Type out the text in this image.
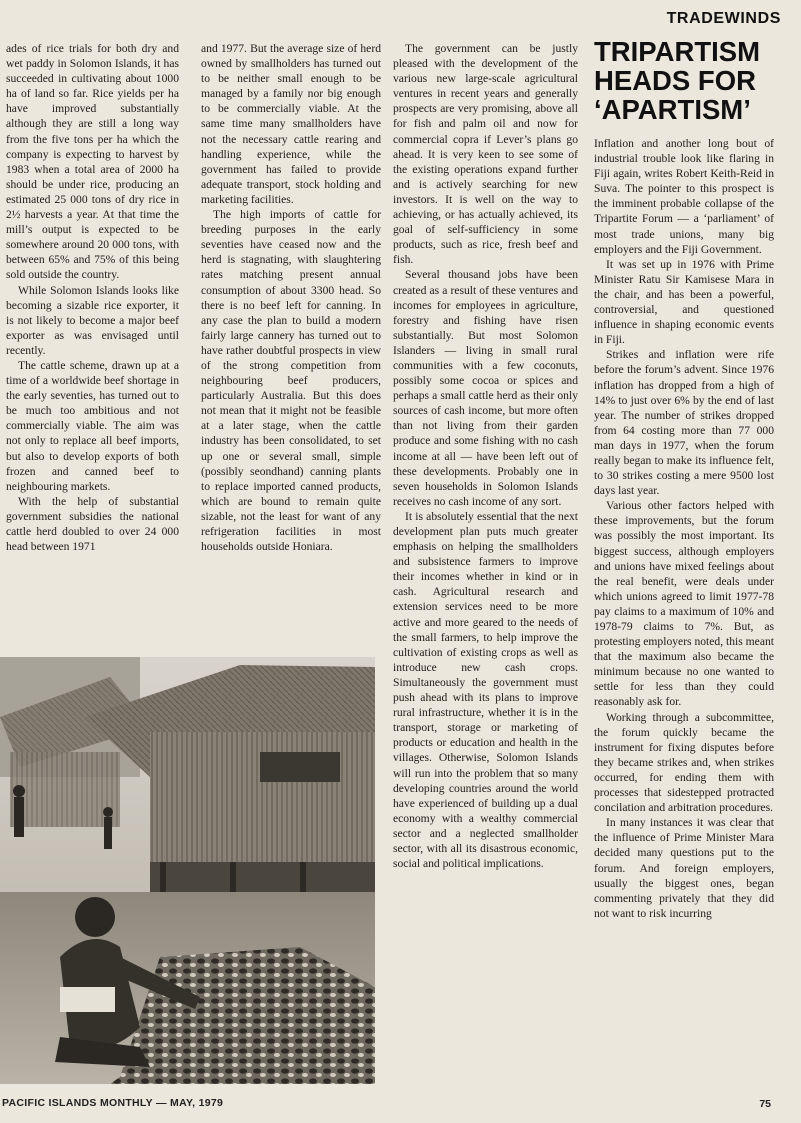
TRADEWINDS

ades of rice trials for both dry and wet paddy in Solomon Islands, it has succeeded in cultivating about 1000 ha of land so far. Rice yields per ha have improved substantially although they are still a long way from the five tons per ha which the company is expecting to harvest by 1983 when a total area of 2000 ha should be under rice, producing an estimated 25 000 tons of dry rice in 2½ harvests a year. At that time the mill’s output is expected to be somewhere around 20 000 tons, with between 65% and 75% of this being sold outside the country.

While Solomon Islands looks like becoming a sizable rice exporter, it is not likely to become a major beef exporter as was envisaged until recently.

The cattle scheme, drawn up at a time of a worldwide beef shortage in the early seventies, has turned out to be much too ambitious and not commercially viable. The aim was not only to replace all beef imports, but also to develop exports of both frozen and canned beef to neighbouring markets.

With the help of substantial government subsidies the national cattle herd doubled to over 24 000 head between 1971

and 1977. But the average size of herd owned by smallholders has turned out to be neither small enough to be managed by a family nor big enough to be commercially viable. At the same time many smallholders have not the necessary cattle rearing and handling experience, while the government has failed to provide adequate transport, stock holding and marketing facilities.

The high imports of cattle for breeding purposes in the early seventies have ceased now and the herd is stagnating, with slaughtering rates matching present annual consumption of about 3300 head. So there is no beef left for canning. In any case the plan to build a modern fairly large cannery has turned out to have rather doubtful prospects in view of the strong competition from neighbouring beef producers, particularly Australia. But this does not mean that it might not be feasible at a later stage, when the cattle industry has been consolidated, to set up one or several small, simple (possibly seondhand) canning plants to replace imported canned products, which are bound to remain quite sizable, not the least for want of any refrigeration facilities in most households outside Honiara.

The government can be justly pleased with the development of the various new large-scale agricultural ventures in recent years and generally prospects are very promising, above all for fish and palm oil and now for commercial copra if Lever’s plans go ahead. It is very keen to see some of the existing operations expand further and is actively searching for new investors. It is well on the way to achieving, or has actually achieved, its goal of self-sufficiency in some products, such as rice, fresh beef and fish.

Several thousand jobs have been created as a result of these ventures and incomes for employees in agriculture, forestry and fishing have risen substantially. But most Solomon Islanders — living in small rural communities with a few coconuts, possibly some cocoa or spices and perhaps a small cattle herd as their only sources of cash income, but more often than not living from their garden produce and some fishing with no cash income at all — have been left out of these developments. Probably one in seven households in Solomon Islands receives no cash income of any sort.

It is absolutely essential that the next development plan puts much greater emphasis on helping the smallholders and subsistence farmers to improve their incomes whether in kind or in cash. Agricultural research and extension services need to be more active and more geared to the needs of the small farmers, to help improve the cultivation of existing crops as well as introduce new cash crops. Simultaneously the government must push ahead with its plans to improve rural infrastructure, whether it is in the transport, storage or marketing of products or education and health in the villages. Otherwise, Solomon Islands will run into the problem that so many developing countries around the world have experienced of building up a dual economy with a wealthy commercial sector and a neglected smallholder sector, with all its disastrous economic, social and political implications.

TRIPARTISM
HEADS FOR
‘APARTISM’

Inflation and another long bout of industrial trouble look like flaring in Fiji again, writes Robert Keith-Reid in Suva. The pointer to this prospect is the imminent probable collapse of the Tripartite Forum — a ‘parliament’ of most trade unions, many big employers and the Fiji Government.

It was set up in 1976 with Prime Minister Ratu Sir Kamisese Mara in the chair, and has been a powerful, controversial, and questioned influence in shaping economic events in Fiji.

Strikes and inflation were rife before the forum’s advent. Since 1976 inflation has dropped from a high of 14% to just over 6% by the end of last year. The number of strikes dropped from 64 costing more than 77 000 man days in 1977, when the forum really began to make its influence felt, to 30 strikes costing a mere 9500 lost days last year.

Various other factors helped with these improvements, but the forum was possibly the most important. Its biggest success, although employers and unions have mixed feelings about the real benefit, were deals under which unions agreed to limit 1977-78 pay claims to a maximum of 10% and 1978-79 claims to 7%. But, as protesting employers noted, this meant that the maximum also became the minimum because no one wanted to settle for less than they could reasonably ask for.

Working through a subcommittee, the forum quickly became the instrument for fixing disputes before they became strikes and, when strikes occurred, for ending them with processes that sidestepped protracted concilation and arbitration procedures.

In many instances it was clear that the influence of Prime Minister Mara decided many questions put to the forum. And foreign employers, usually the biggest ones, began commenting privately that they did not want to risk incurring

PACIFIC ISLANDS MONTHLY — MAY, 1979	75
